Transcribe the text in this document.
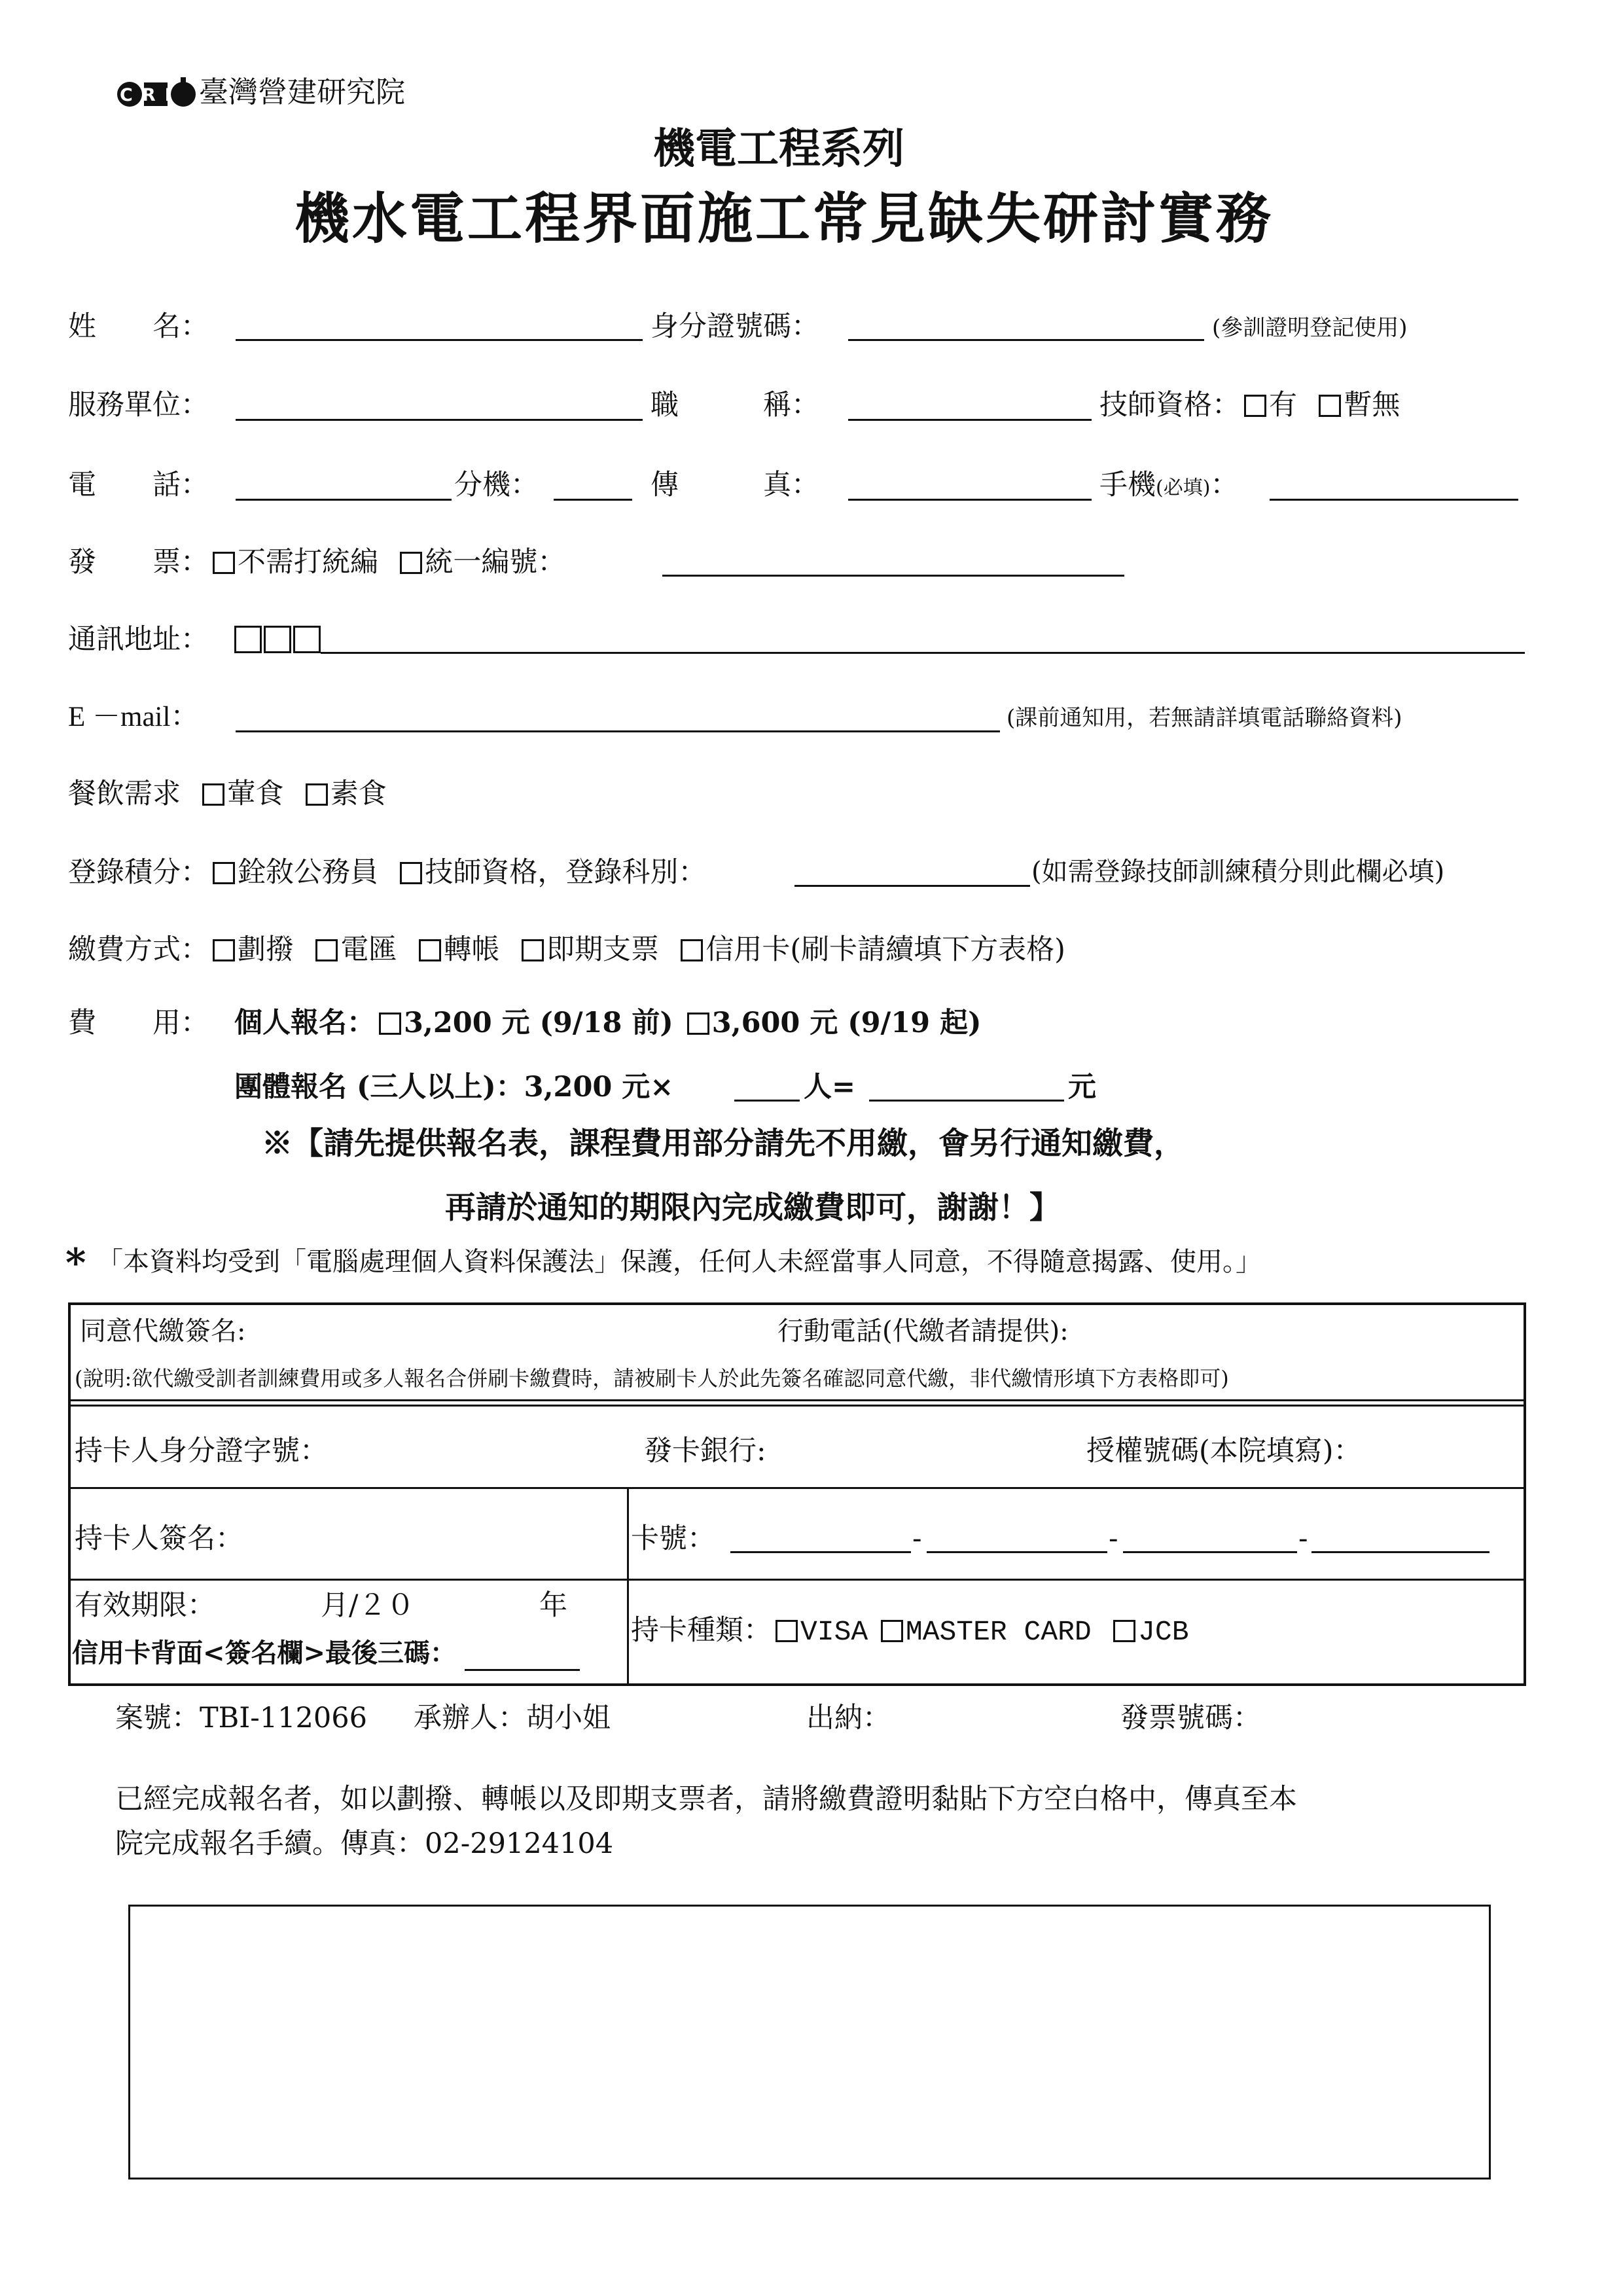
CRI 臺灣營建研究院
機電工程系列
機水電工程界面施工常見缺失研討實務
姓　　名：	身分證號碼：	(參訓證明登記使用)
服務單位：	職　　　稱：	技師資格： 有 暫無
電　　話：	分機：	傳　　　真：	手機(必填)：
發　　票： 不需打統編 統一編號：
通訊地址：
E －mail：	(課前通知用，若無請詳填電話聯絡資料)
餐飲需求 葷食 素食
登錄積分： 銓敘公務員 技師資格，登錄科別：	(如需登錄技師訓練積分則此欄必填)
繳費方式： 劃撥 電匯 轉帳 即期支票 信用卡(刷卡請續填下方表格)
費　　用： 個人報名： 3,200 元 (9/18 前) 3,600 元 (9/19 起)
團體報名 (三人以上)：3,200 元×	人=	元
※【請先提供報名表，課程費用部分請先不用繳，會另行通知繳費，
再請於通知的期限內完成繳費即可，謝謝！】
* 「本資料均受到「電腦處理個人資料保護法」保護，任何人未經當事人同意，不得隨意揭露、使用。」
同意代繳簽名:	行動電話(代繳者請提供):
(說明:欲代繳受訓者訓練費用或多人報名合併刷卡繳費時，請被刷卡人於此先簽名確認同意代繳，非代繳情形填下方表格即可)
持卡人身分證字號：	發卡銀行:	授權號碼(本院填寫)：
持卡人簽名：	卡號：	-	-	-
有效期限：	月/２０	年
信用卡背面<簽名欄>最後三碼：
持卡種類： VISA MASTER CARD JCB
案號：TBI-112066 承辦人：胡小姐	出納：	發票號碼：
已經完成報名者，如以劃撥、轉帳以及即期支票者，請將繳費證明黏貼下方空白格中，傳真至本
院完成報名手續。傳真：02-29124104
